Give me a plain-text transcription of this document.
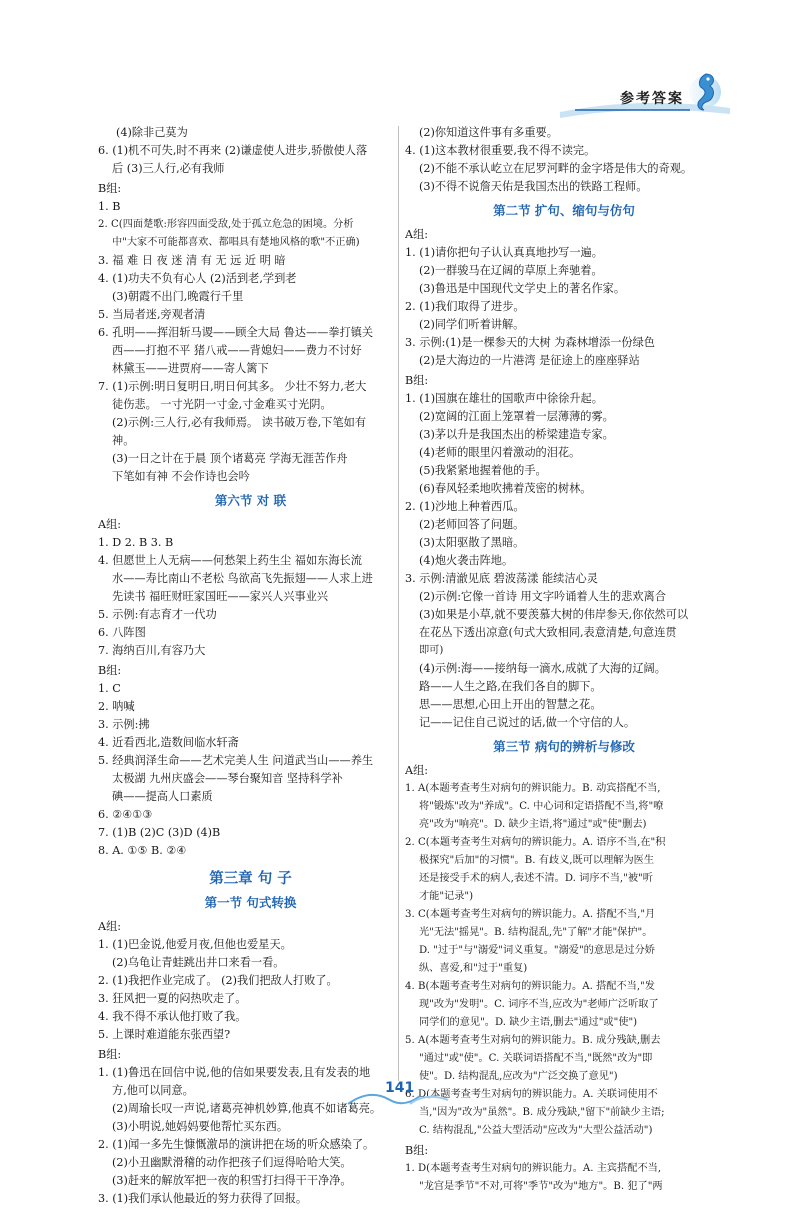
参考答案
(4)除非己莫为
6. (1)机不可失,时不再来 (2)谦虚使人进步,骄傲使人落
后 (3)三人行,必有我师
B组:
1. B
2. C(四面楚歌:形容四面受敌,处于孤立危急的困境。分析
中"大家不可能都喜欢、都唱具有楚地风格的歌"不正确)
3. 福 难 日 夜 迷 清 有 无 远 近 明 暗
4. (1)功夫不负有心人 (2)活到老,学到老
(3)朝霞不出门,晚霞行千里
5. 当局者迷,旁观者清
6. 孔明——挥泪斩马谡——顾全大局 鲁达——拳打镇关
西——打抱不平 猪八戒——背媳妇——费力不讨好
林黛玉——进贾府——寄人篱下
7. (1)示例:明日复明日,明日何其多。 少壮不努力,老大
徒伤悲。 一寸光阴一寸金,寸金难买寸光阴。
(2)示例:三人行,必有我师焉。 读书破万卷,下笔如有
神。
(3)一日之计在于晨 顶个诸葛亮 学海无涯苦作舟
下笔如有神 不会作诗也会吟
第六节 对 联
A组:
1. D 2. B 3. B
4. 但愿世上人无病——何愁架上药生尘 福如东海长流
水——寿比南山不老松 鸟欲高飞先振翅——人求上进
先读书 福旺财旺家国旺——家兴人兴事业兴
5. 示例:有志育才一代功
6. 八阵图
7. 海纳百川,有容乃大
B组:
1. C
2. 呐喊
3. 示例:拂
4. 近看西北,造数间临水轩斋
5. 经典润泽生命——艺术完美人生 问道武当山——养生
太极湖 九州庆盛会——琴台聚知音 坚持科学补
碘——提高人口素质
6. ②④①③
7. (1)B (2)C (3)D (4)B
8. A. ①⑤ B. ②④
第三章 句 子
第一节 句式转换
A组:
1. (1)巴金说,他爱月夜,但他也爱星天。
(2)乌龟让青蛙跳出井口来看一看。
2. (1)我把作业完成了。 (2)我们把敌人打败了。
3. 狂风把一夏的闷热吹走了。
4. 我不得不承认他打败了我。
5. 上课时难道能东张西望?
B组:
1. (1)鲁迅在回信中说,他的信如果要发表,且有发表的地
方,他可以同意。
(2)周瑜长叹一声说,诸葛亮神机妙算,他真不如诸葛亮。
(3)小明说,她妈妈要他帮忙买东西。
2. (1)闻一多先生慷慨激昂的演讲把在场的听众感染了。
(2)小丑幽默滑稽的动作把孩子们逗得哈哈大笑。
(3)赶来的解放军把一夜的积雪打扫得干干净净。
3. (1)我们承认他最近的努力获得了回报。
(2)你知道这件事有多重要。
4. (1)这本教材很重要,我不得不读完。
(2)不能不承认屹立在尼罗河畔的金字塔是伟大的奇观。
(3)不得不说詹天佑是我国杰出的铁路工程师。
第二节 扩句、缩句与仿句
A组:
1. (1)请你把句子认认真真地抄写一遍。
(2)一群骏马在辽阔的草原上奔驰着。
(3)鲁迅是中国现代文学史上的著名作家。
2. (1)我们取得了进步。
(2)同学们听着讲解。
3. 示例:(1)是一棵参天的大树 为森林增添一份绿色
(2)是大海边的一片港湾 是征途上的座座驿站
B组:
1. (1)国旗在雄壮的国歌声中徐徐升起。
(2)宽阔的江面上笼罩着一层薄薄的雾。
(3)茅以升是我国杰出的桥梁建造专家。
(4)老师的眼里闪着激动的泪花。
(5)我紧紧地握着他的手。
(6)春风轻柔地吹拂着茂密的树林。
2. (1)沙地上种着西瓜。
(2)老师回答了问题。
(3)太阳驱散了黑暗。
(4)炮火袭击阵地。
3. 示例:清澈见底 碧波荡漾 能续洁心灵
(2)示例:它像一首诗 用文字吟诵着人生的悲欢离合
(3)如果是小草,就不要羡慕大树的伟岸参天,你依然可以
在花丛下透出凉意(句式大致相同,表意清楚,句意连贯
即可)
(4)示例:海——接纳每一滴水,成就了大海的辽阔。
路——人生之路,在我们各自的脚下。
思——思想,心田上开出的智慧之花。
记——记住自己说过的话,做一个守信的人。
第三节 病句的辨析与修改
A组:
1. A(本题考查考生对病句的辨识能力。B. 动宾搭配不当,
将"锻炼"改为"养成"。C. 中心词和定语搭配不当,将"嘹
亮"改为"响亮"。D. 缺少主语,将"通过"或"使"删去)
2. C(本题考查考生对病句的辨识能力。A. 语序不当,在"积
极探究"后加"的习惯"。B. 有歧义,既可以理解为医生
还是接受手术的病人,表述不清。D. 词序不当,"被"听
才能"记录")
3. C(本题考查考生对病句的辨识能力。A. 搭配不当,"月
光"无法"摇晃"。B. 结构混乱,先"了解"才能"保护"。
D. "过于"与"溺爱"词义重复。"溺爱"的意思是过分娇
纵、喜爱,和"过于"重复)
4. B(本题考查考生对病句的辨识能力。A. 搭配不当,"发
现"改为"发明"。C. 词序不当,应改为"老师广泛听取了
同学们的意见"。D. 缺少主语,删去"通过"或"使")
5. A(本题考查考生对病句的辨识能力。B. 成分残缺,删去
"通过"或"使"。C. 关联词语搭配不当,"既然"改为"即
使"。D. 结构混乱,应改为"广泛交换了意见")
6. D(本题考查考生对病句的辨识能力。A. 关联词使用不
当,"因为"改为"虽然"。B. 成分残缺,"留下"前缺少主语;
C. 结构混乱,"公益大型活动"应改为"大型公益活动")
B组:
1. D(本题考查考生对病句的辨识能力。A. 主宾搭配不当,
"龙宫是季节"不对,可将"季节"改为"地方"。B. 犯了"两
141
